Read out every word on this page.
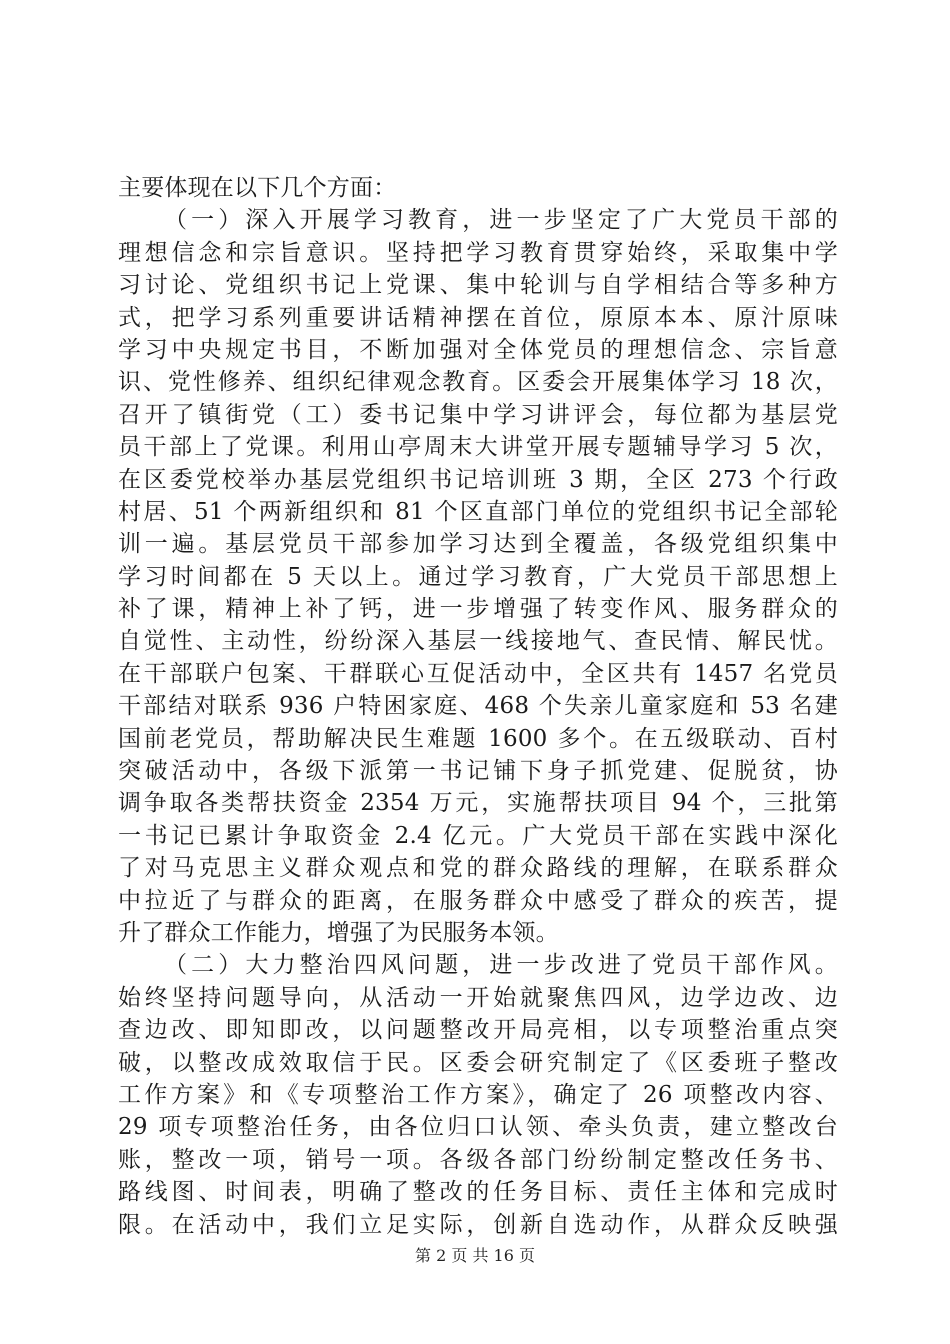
主要体现在以下几个方面：
（一）深入开展学习教育，进一步坚定了广大党员干部的
理想信念和宗旨意识。坚持把学习教育贯穿始终，采取集中学
习讨论、党组织书记上党课、集中轮训与自学相结合等多种方
式，把学习系列重要讲话精神摆在首位，原原本本、原汁原味
学习中央规定书目，不断加强对全体党员的理想信念、宗旨意
识、党性修养、组织纪律观念教育。区委会开展集体学习 18 次，
召开了镇街党（工）委书记集中学习讲评会，每位都为基层党
员干部上了党课。利用山亭周末大讲堂开展专题辅导学习 5 次，
在区委党校举办基层党组织书记培训班 3 期，全区 273 个行政
村居、51 个两新组织和 81 个区直部门单位的党组织书记全部轮
训一遍。基层党员干部参加学习达到全覆盖，各级党组织集中
学习时间都在 5 天以上。通过学习教育，广大党员干部思想上
补了课，精神上补了钙，进一步增强了转变作风、服务群众的
自觉性、主动性，纷纷深入基层一线接地气、查民情、解民忧。
在干部联户包案、干群联心互促活动中，全区共有 1457 名党员
干部结对联系 936 户特困家庭、468 个失亲儿童家庭和 53 名建
国前老党员，帮助解决民生难题 1600 多个。在五级联动、百村
突破活动中，各级下派第一书记铺下身子抓党建、促脱贫，协
调争取各类帮扶资金 2354 万元，实施帮扶项目 94 个，三批第
一书记已累计争取资金 2.4 亿元。广大党员干部在实践中深化
了对马克思主义群众观点和党的群众路线的理解，在联系群众
中拉近了与群众的距离，在服务群众中感受了群众的疾苦，提
升了群众工作能力，增强了为民服务本领。
（二）大力整治四风问题，进一步改进了党员干部作风。
始终坚持问题导向，从活动一开始就聚焦四风，边学边改、边
查边改、即知即改，以问题整改开局亮相，以专项整治重点突
破，以整改成效取信于民。区委会研究制定了《区委班子整改
工作方案》和《专项整治工作方案》，确定了 26 项整改内容、
29 项专项整治任务，由各位归口认领、牵头负责，建立整改台
账，整改一项，销号一项。各级各部门纷纷制定整改任务书、
路线图、时间表，明确了整改的任务目标、责任主体和完成时
限。在活动中，我们立足实际，创新自选动作，从群众反映强
第 2 页 共 16 页
